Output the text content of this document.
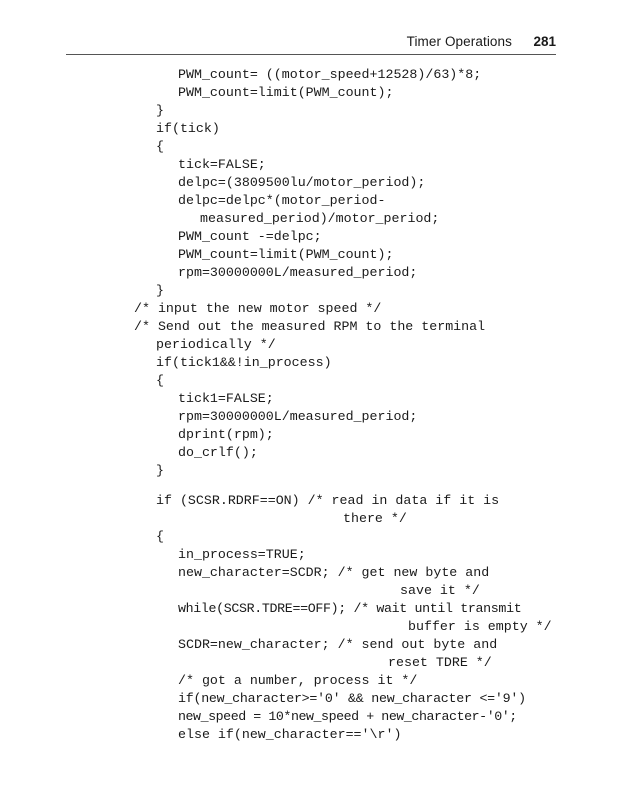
Timer Operations 281
PWM_count= ((motor_speed+12528)/63)*8;
PWM_count=limit(PWM_count);
}
if(tick)
{
tick=FALSE;
delpc=(3809500lu/motor_period);
delpc=delpc*(motor_period-
measured_period)/motor_period;
PWM_count -=delpc;
PWM_count=limit(PWM_count);
rpm=30000000L/measured_period;
}
/* input the new motor speed */
/* Send out the measured RPM to the terminal
periodically */
if(tick1&&!in_process)
{
tick1=FALSE;
rpm=30000000L/measured_period;
dprint(rpm);
do_crlf();
}
if (SCSR.RDRF==ON) /* read in data if it is
there */
{
in_process=TRUE;
new_character=SCDR; /* get new byte and
save it */
while(SCSR.TDRE==OFF); /* wait until transmit
buffer is empty */
SCDR=new_character; /* send out byte and
reset TDRE */
/* got a number, process it */
if(new_character>='0' && new_character <='9')
new_speed = 10*new_speed + new_character-'0';
else if(new_character=='\r')
